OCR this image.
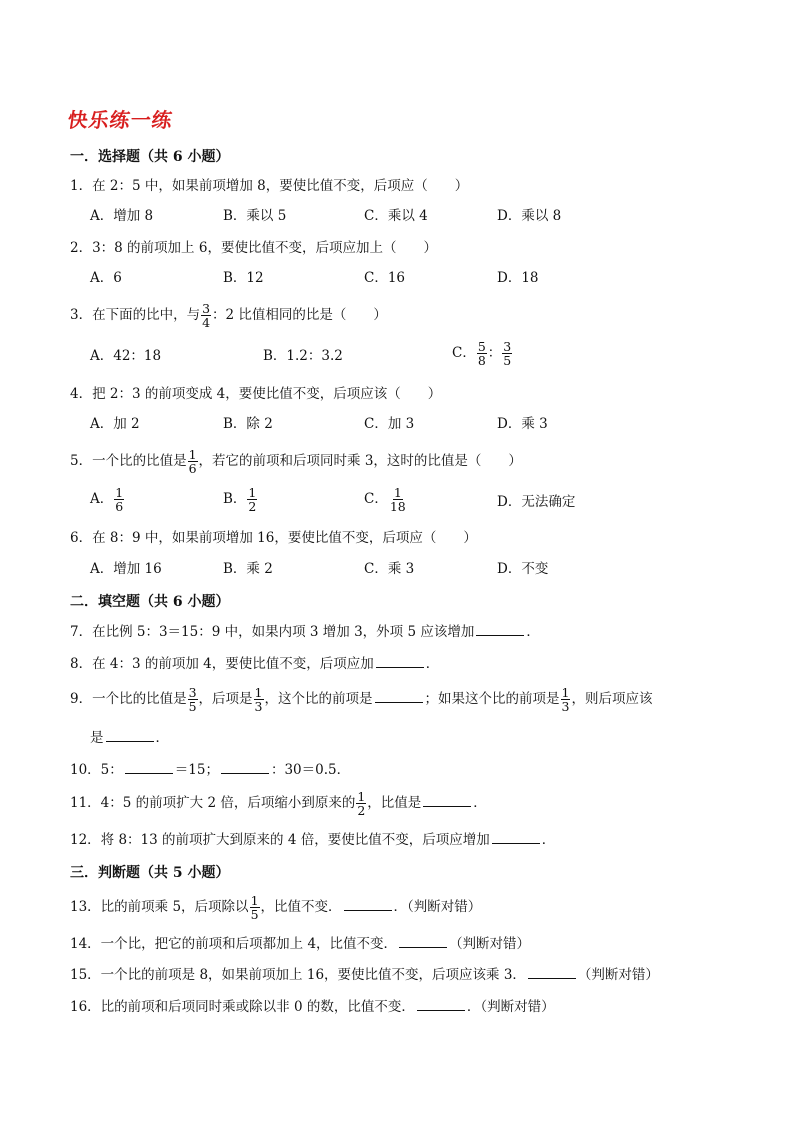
快乐练一练
一．选择题（共 6 小题）
1．在 2：5 中，如果前项增加 8，要使比值不变，后项应（　　）
A．增加 8	B．乘以 5	C．乘以 4	D．乘以 8
2．3：8 的前项加上 6，要使比值不变，后项应加上（　　）
A．6	B．12	C．16	D．18
3．在下面的比中，与 $\frac{3}{4}$ ：2 比值相同的比是（　　）
A．42：18	B．1.2：3.2	C． $\frac{5}{8}$ ： $\frac{3}{5}$
4．把 2：3 的前项变成 4，要使比值不变，后项应该（　　）
A．加 2	B．除 2	C．加 3	D．乘 3
5．一个比的比值是 $\frac{1}{6}$ ，若它的前项和后项同时乘 3，这时的比值是（　　）
A． $\frac{1}{6}$	B． $\frac{1}{2}$	C． $\frac{1}{18}$	D．无法确定
6．在 8：9 中，如果前项增加 16，要使比值不变，后项应（　　）
A．增加 16	B．乘 2	C．乘 3	D．不变
二．填空题（共 6 小题）
7．在比例 5：3＝15：9 中，如果内项 3 增加 3，外项 5 应该增加	．
8．在 4：3 的前项加 4，要使比值不变，后项应加	．
9．一个比的比值是 $\frac{3}{5}$ ，后项是 $\frac{1}{3}$ ，这个比的前项是	；如果这个比的前项是 $\frac{1}{3}$ ，则后项应该
是	．
10．5：	＝15；	：30＝0.5．
11．4：5 的前项扩大 2 倍，后项缩小到原来的 $\frac{1}{2}$ ，比值是	．
12．将 8：13 的前项扩大到原来的 4 倍，要使比值不变，后项应增加	．
三．判断题（共 5 小题）
13．比的前项乘 5，后项除以 $\frac{1}{5}$ ，比值不变．	．（判断对错）
14．一个比，把它的前项和后项都加上 4，比值不变．	（判断对错）
15．一个比的前项是 8，如果前项加上 16，要使比值不变，后项应该乘 3．	（判断对错）
16．比的前项和后项同时乘或除以非 0 的数，比值不变．	．（判断对错）
